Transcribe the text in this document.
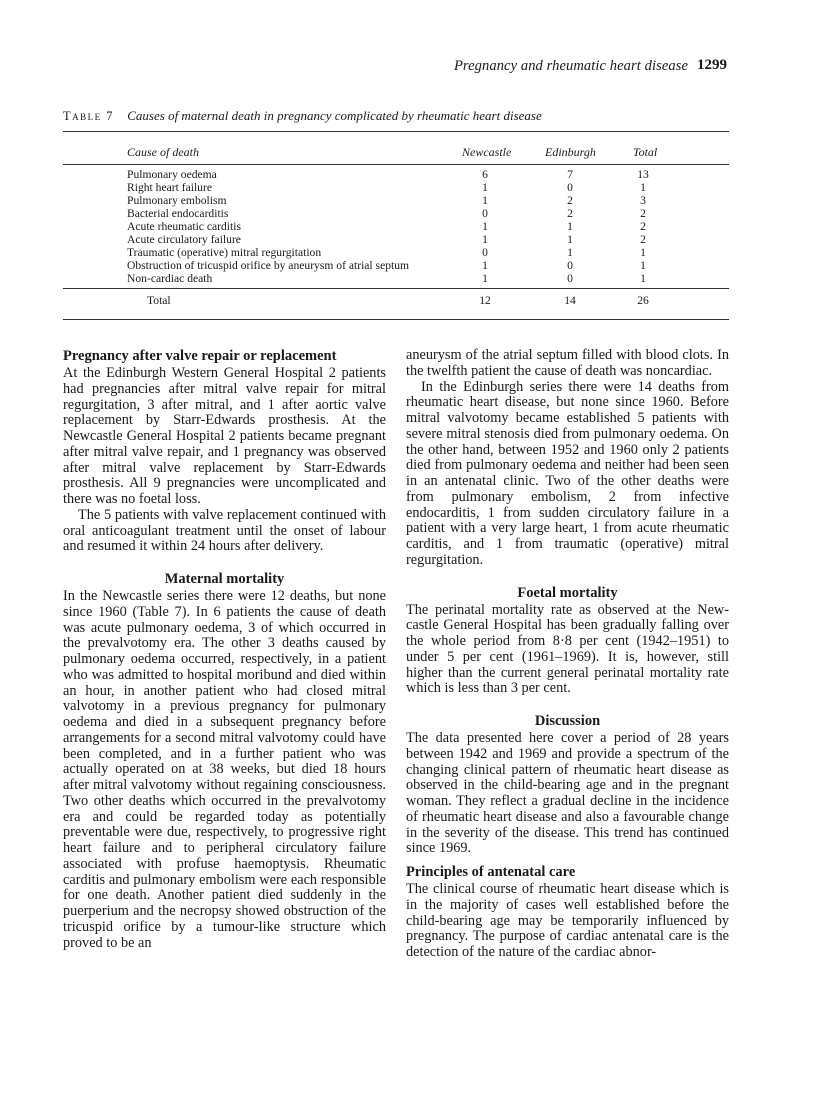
Pregnancy and rheumatic heart disease 1299
Table 7 Causes of maternal death in pregnancy complicated by rheumatic heart disease
Cause of death	Newcastle	Edinburgh	Total
Pulmonary oedema	6	7	13
Right heart failure	1	0	1
Pulmonary embolism	1	2	3
Bacterial endocarditis	0	2	2
Acute rheumatic carditis	1	1	2
Acute circulatory failure	1	1	2
Traumatic (operative) mitral regurgitation	0	1	1
Obstruction of tricuspid orifice by aneurysm of atrial septum	1	0	1
Non-cardiac death	1	0	1
Total	12	14	26
Pregnancy after valve repair or replacement

At the Edinburgh Western General Hospital 2 patients had pregnancies after mitral valve repair for mitral regurgitation, 3 after mitral, and 1 after aortic valve replacement by Starr-Edwards prosthesis. At the Newcastle General Hospital 2 patients became pregnant after mitral valve repair, and 1 pregnancy was observed after mitral valve replacement by Starr-Edwards prosthesis. All 9 pregnancies were uncomplicated and there was no foetal loss.

The 5 patients with valve replacement continued with oral anticoagulant treatment until the onset of labour and resumed it within 24 hours after delivery.

Maternal mortality

In the Newcastle series there were 12 deaths, but none since 1960 (Table 7). In 6 patients the cause of death was acute pulmonary oedema, 3 of which occurred in the prevalvotomy era. The other 3 deaths caused by pulmonary oedema occurred, respectively, in a patient who was admitted to hospital moribund and died within an hour, in another patient who had closed mitral valvotomy in a previous pregnancy for pulmonary oedema and died in a subsequent pregnancy before arrangements for a second mitral valvotomy could have been completed, and in a further patient who was actually operated on at 38 weeks, but died 18 hours after mitral valvotomy without regaining consciousness. Two other deaths which occurred in the prevalvotomy era and could be regarded today as potentially preventable were due, respectively, to progressive right heart failure and to peripheral circulatory failure associated with profuse haemoptysis. Rheumatic carditis and pulmonary embolism were each responsible for one death. Another patient died suddenly in the puerperium and the necropsy showed obstruction of the tricuspid orifice by a tumour-like structure which proved to be an

aneurysm of the atrial septum filled with blood clots. In the twelfth patient the cause of death was noncardiac.

In the Edinburgh series there were 14 deaths from rheumatic heart disease, but none since 1960. Before mitral valvotomy became established 5 patients with severe mitral stenosis died from pulmonary oedema. On the other hand, between 1952 and 1960 only 2 patients died from pulmonary oedema and neither had been seen in an antenatal clinic. Two of the other deaths were from pulmonary embolism, 2 from infective endocarditis, 1 from sudden circulatory failure in a patient with a very large heart, 1 from acute rheumatic carditis, and 1 from traumatic (operative) mitral regurgitation.

Foetal mortality

The perinatal mortality rate as observed at the Newcastle General Hospital has been gradually falling over the whole period from 8·8 per cent (1942–1951) to under 5 per cent (1961–1969). It is, however, still higher than the current general perinatal mortality rate which is less than 3 per cent.

Discussion

The data presented here cover a period of 28 years between 1942 and 1969 and provide a spectrum of the changing clinical pattern of rheumatic heart disease as observed in the child-bearing age and in the pregnant woman. They reflect a gradual decline in the incidence of rheumatic heart disease and also a favourable change in the severity of the disease. This trend has continued since 1969.

Principles of antenatal care

The clinical course of rheumatic heart disease which is in the majority of cases well established before the child-bearing age may be temporarily influenced by pregnancy. The purpose of cardiac antenatal care is the detection of the nature of the cardiac abnor-
